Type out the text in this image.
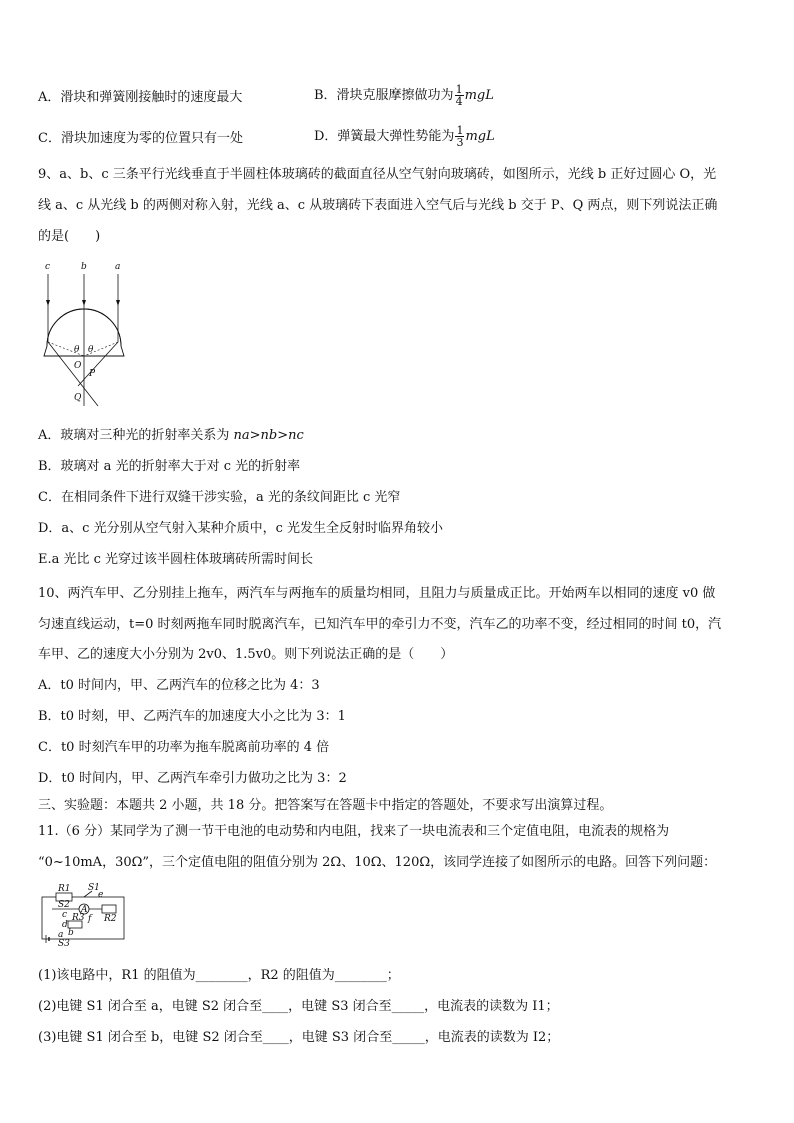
A．滑块和弹簧刚接触时的速度最大	B．滑块克服摩擦做功为 $\frac{1}{4}$ mgL
C．滑块加速度为零的位置只有一处	D．弹簧最大弹性势能为 $\frac{1}{3}$ mgL
9、a、b、c 三条平行光线垂直于半圆柱体玻璃砖的截面直径从空气射向玻璃砖，如图所示，光线 b 正好过圆心 O，光
线 a、c 从光线 b 的两侧对称入射，光线 a、c 从玻璃砖下表面进入空气后与光线 b 交于 P、Q 两点，则下列说法正确
的是(　　)
c	b	a
θ θ
O
P
Q
A．玻璃对三种光的折射率关系为 na>nb>nc
B．玻璃对 a 光的折射率大于对 c 光的折射率
C．在相同条件下进行双缝干涉实验，a 光的条纹间距比 c 光窄
D．a、c 光分别从空气射入某种介质中，c 光发生全反射时临界角较小
E.a 光比 c 光穿过该半圆柱体玻璃砖所需时间长
10、两汽车甲、乙分别挂上拖车，两汽车与两拖车的质量均相同，且阻力与质量成正比。开始两车以相同的速度 v0 做
匀速直线运动，t=0 时刻两拖车同时脱离汽车，已知汽车甲的牵引力不变，汽车乙的功率不变，经过相同的时间 t0，汽
车甲、乙的速度大小分别为 2v0、1.5v0。则下列说法正确的是（　　）
A．t0 时间内，甲、乙两汽车的位移之比为 4：3
B．t0 时刻，甲、乙两汽车的加速度大小之比为 3：1
C．t0 时刻汽车甲的功率为拖车脱离前功率的 4 倍
D．t0 时间内，甲、乙两汽车牵引力做功之比为 3：2
三、实验题：本题共 2 小题，共 18 分。把答案写在答题卡中指定的答题处，不要求写出演算过程。
11.（6 分）某同学为了测一节干电池的电动势和内电阻，找来了一块电流表和三个定值电阻，电流表的规格为
“0~10mA，30Ω”，三个定值电阻的阻值分别为 2Ω、10Ω、120Ω，该同学连接了如图所示的电路。回答下列问题：
R1 S1
e
S2
c A
R2
R3 f
d
a b
S3
(1)该电路中，R1 的阻值为________，R2 的阻值为________；
(2)电键 S1 闭合至 a，电键 S2 闭合至____，电键 S3 闭合至_____，电流表的读数为 I1；
(3)电键 S1 闭合至 b，电键 S2 闭合至____，电键 S3 闭合至_____，电流表的读数为 I2；
